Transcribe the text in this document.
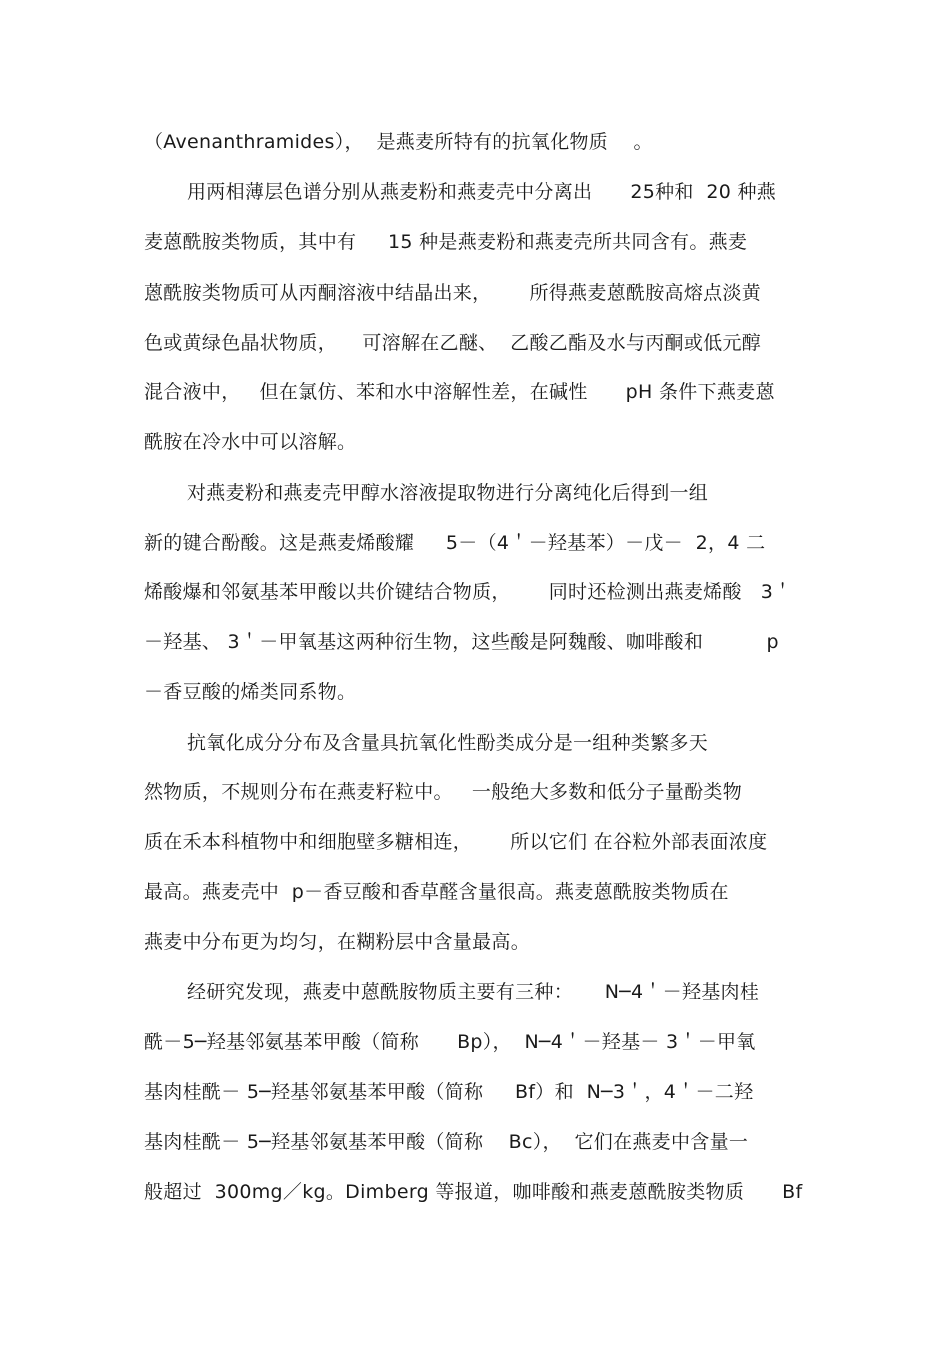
（Avenanthramides），  是燕麦所特有的抗氧化物质    。
用两相薄层色谱分别从燕麦粉和燕麦壳中分离出      25种和  20 种燕
麦蒽酰胺类物质，其中有     15 种是燕麦粉和燕麦壳所共同含有。燕麦
蒽酰胺类物质可从丙酮溶液中结晶出来，      所得燕麦蒽酰胺高熔点淡黄
色或黄绿色晶状物质，    可溶解在乙醚、  乙酸乙酯及水与丙酮或低元醇
混合液中，   但在氯仿、苯和水中溶解性差，在碱性      pH 条件下燕麦蒽
酰胺在冷水中可以溶解。
对燕麦粉和燕麦壳甲醇水溶液提取物进行分离纯化后得到一组
新的键合酚酸。这是燕麦烯酸耀     5－（4＇－羟基苯）－戊－  2，4 二
烯酸爆和邻氨基苯甲酸以共价键结合物质，      同时还检测出燕麦烯酸   3＇
－羟基、 3＇－甲氧基这两种衍生物，这些酸是阿魏酸、咖啡酸和          p
－香豆酸的烯类同系物。
抗氧化成分分布及含量具抗氧化性酚类成分是一组种类繁多天
然物质，不规则分布在燕麦籽粒中。   一般绝大多数和低分子量酚类物
质在禾本科植物中和细胞壁多糖相连，      所以它们 在谷粒外部表面浓度
最高。燕麦壳中  p－香豆酸和香草醛含量很高。燕麦蒽酰胺类物质在
燕麦中分布更为均匀，在糊粉层中含量最高。
经研究发现，燕麦中蒽酰胺物质主要有三种：     N─4＇－羟基肉桂
酰－5─羟基邻氨基苯甲酸（简称      Bp），  N─4＇－羟基－ 3＇－甲氧
基肉桂酰－ 5─羟基邻氨基苯甲酸（简称     Bf）和  N─3＇，4＇－二羟
基肉桂酰－ 5─羟基邻氨基苯甲酸（简称    Bc），  它们在燕麦中含量一
般超过  300mg／kg。Dimberg 等报道，咖啡酸和燕麦蒽酰胺类物质      Bf
